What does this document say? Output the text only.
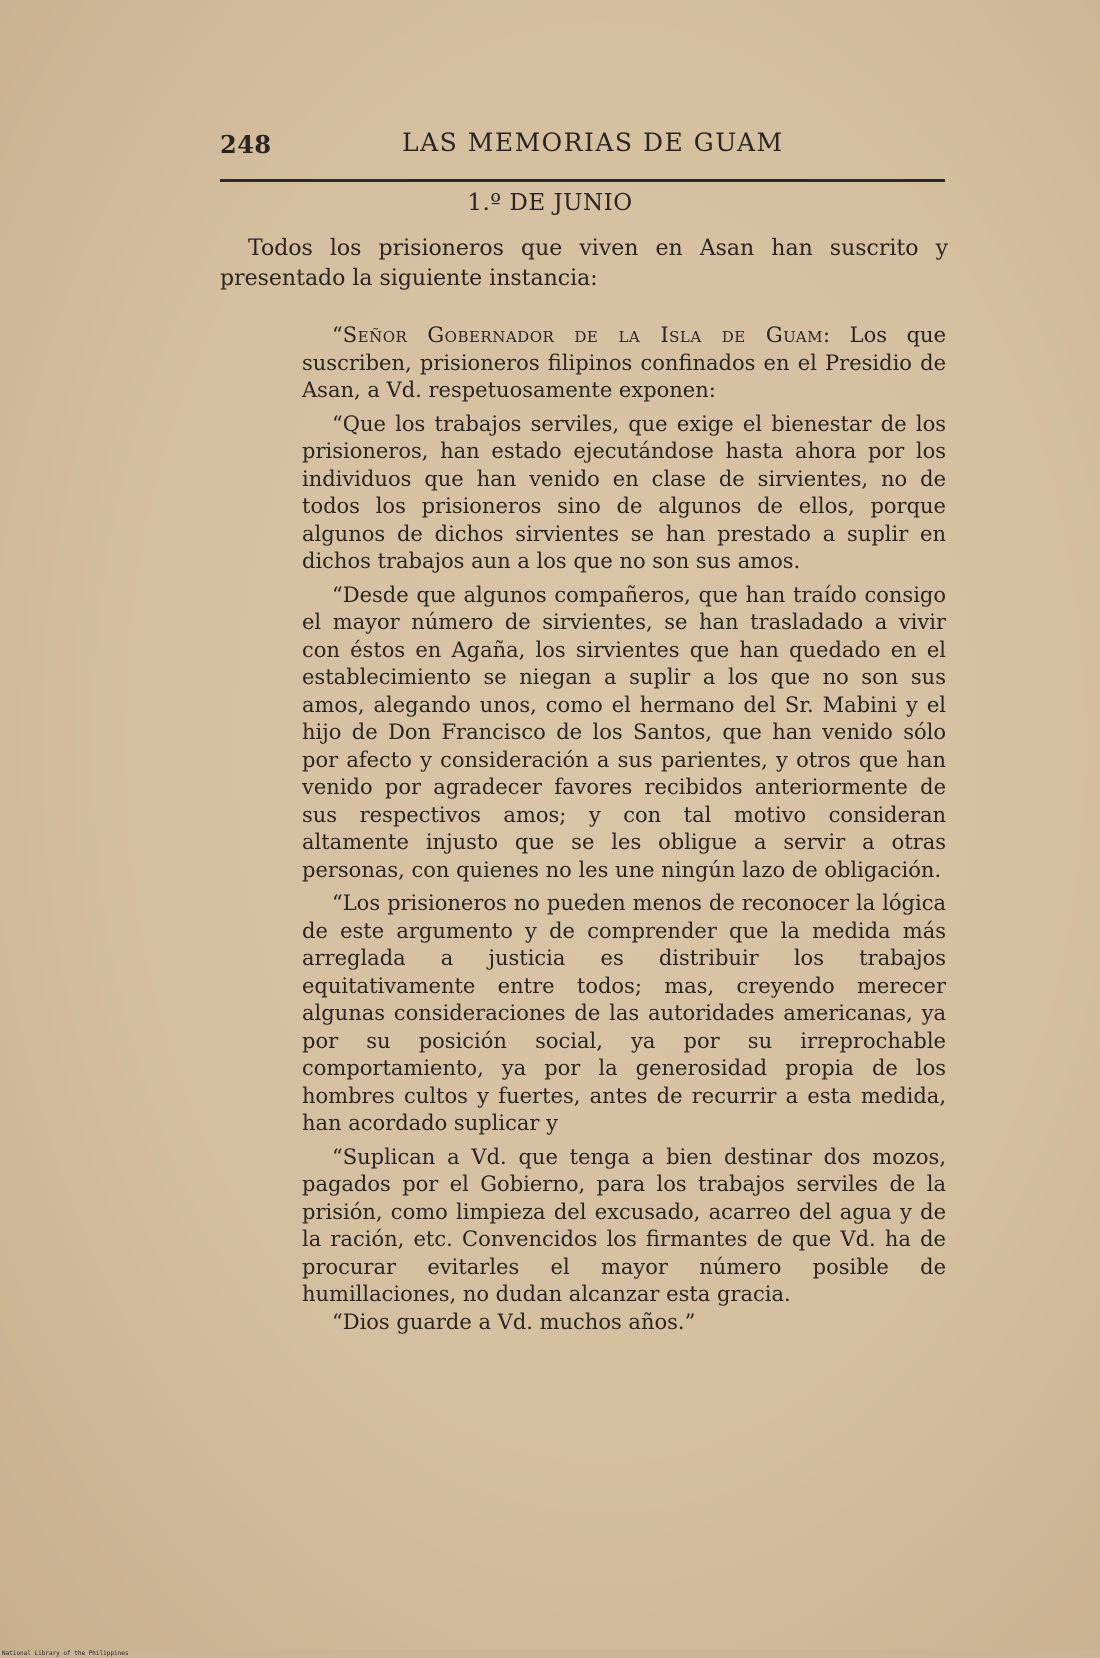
248	LAS MEMORIAS DE GUAM
1.º DE JUNIO

Todos los prisioneros que viven en Asan han suscrito y presentado la siguiente instancia:

“Señor Gobernador de la Isla de Guam: Los que suscriben, prisioneros filipinos confinados en el Presidio de Asan, a Vd. respetuosamente exponen:

“Que los trabajos serviles, que exige el bienestar de los prisioneros, han estado ejecutándose hasta ahora por los individuos que han venido en clase de sirvientes, no de todos los prisioneros sino de algunos de ellos, porque algunos de dichos sirvientes se han prestado a suplir en dichos trabajos aun a los que no son sus amos.

“Desde que algunos compañeros, que han traído consigo el mayor número de sirvientes, se han trasladado a vivir con éstos en Agaña, los sirvientes que han quedado en el establecimiento se niegan a suplir a los que no son sus amos, alegando unos, como el hermano del Sr. Mabini y el hijo de Don Francisco de los Santos, que han venido sólo por afecto y consideración a sus parientes, y otros que han venido por agradecer favores recibidos anteriormente de sus respectivos amos; y con tal motivo consideran altamente injusto que se les obligue a servir a otras personas, con quienes no les une ningún lazo de obligación.

“Los prisioneros no pueden menos de reconocer la lógica de este argumento y de comprender que la medida más arreglada a justicia es distribuir los trabajos equitativamente entre todos; mas, creyendo merecer algunas consideraciones de las autoridades americanas, ya por su posición social, ya por su irreprochable comportamiento, ya por la generosidad propia de los hombres cultos y fuertes, antes de recurrir a esta medida, han acordado suplicar y

“Suplican a Vd. que tenga a bien destinar dos mozos, pagados por el Gobierno, para los trabajos serviles de la prisión, como limpieza del excusado, acarreo del agua y de la ración, etc. Convencidos los firmantes de que Vd. ha de procurar evitarles el mayor número posible de humillaciones, no dudan alcanzar esta gracia.

“Dios guarde a Vd. muchos años.”

National Library of the Philippines
